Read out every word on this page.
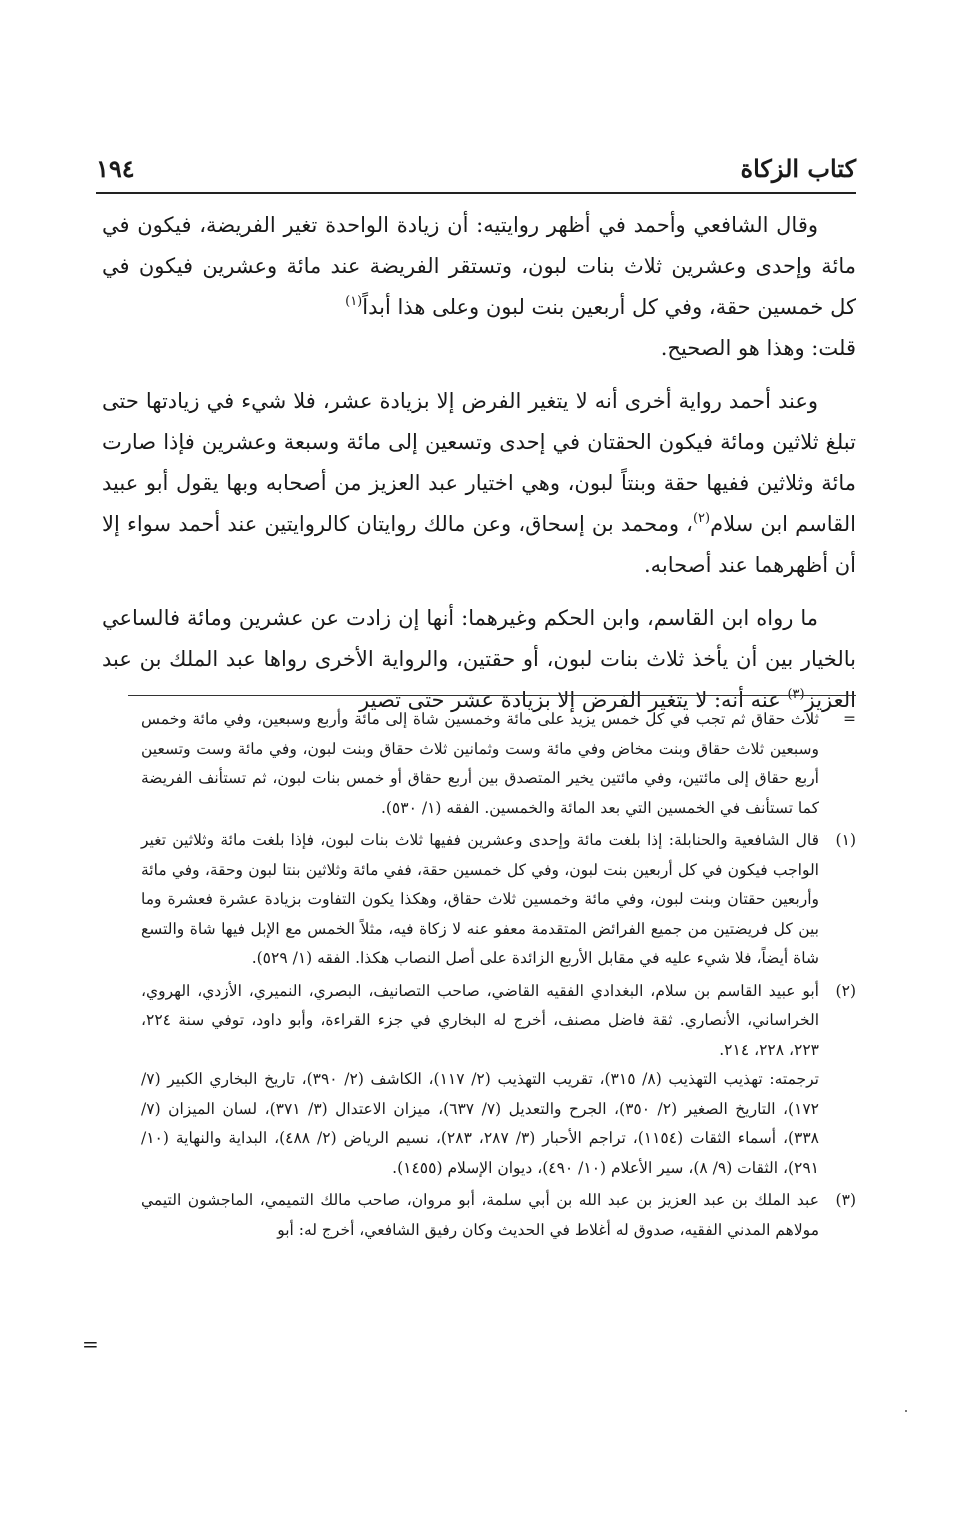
كتاب الزكاة
١٩٤

وقال الشافعي وأحمد في أظهر روايتيه: أن زيادة الواحدة تغير الفريضة، فيكون في مائة وإحدى وعشرين ثلاث بنات لبون، وتستقر الفريضة عند مائة وعشرين فيكون في كل خمسين حقة، وفي كل أربعين بنت لبون وعلى هذا أبداً$^{(١)}$
قلت: وهذا هو الصحيح.

وعند أحمد رواية أخرى أنه لا يتغير الفرض إلا بزيادة عشر، فلا شيء في زيادتها حتى تبلغ ثلاثين ومائة فيكون الحقتان في إحدى وتسعين إلى مائة وسبعة وعشرين فإذا صارت مائة وثلاثين ففيها حقة وبنتاً لبون، وهي اختيار عبد العزيز من أصحابه وبها يقول أبو عبيد القاسم ابن سلام$^{(٢)}$، ومحمد بن إسحاق، وعن مالك روايتان كالروايتين عند أحمد سواء إلا أن أظهرهما عند أصحابه.

ما رواه ابن القاسم، وابن الحكم وغيرهما: أنها إن زادت عن عشرين ومائة فالساعي بالخيار بين أن يأخذ ثلاث بنات لبون، أو حقتين، والرواية الأخرى رواها عبد الملك بن عبد العزيز$^{(٣)}$ عنه أنه: لا يتغير الفرض إلا بزيادة عشر حتى تصير

=

ثلاث حقاق ثم تجب في كل خمس يزيد على مائة وخمسين شاة إلى مائة وأربع وسبعين، وفي مائة وخمس وسبعين ثلاث حقاق وبنت مخاض وفي مائة وست وثمانين ثلاث حقاق وبنت لبون، وفي مائة وست وتسعين أربع حقاق إلى مائتين، وفي مائتين يخير المتصدق بين أربع حقاق أو خمس بنات لبون، ثم تستأنف الفريضة كما تستأنف في الخمسين التي بعد المائة والخمسين. الفقه (١/ ٥٣٠).

(١)

قال الشافعية والحنابلة: إذا بلغت مائة وإحدى وعشرين ففيها ثلاث بنات لبون، فإذا بلغت مائة وثلاثين تغير الواجب فيكون في كل أربعين بنت لبون، وفي كل خمسين حقة، ففي مائة وثلاثين بنتا لبون وحقة، وفي مائة وأربعين حقتان وبنت لبون، وفي مائة وخمسين ثلاث حقاق، وهكذا يكون التفاوت بزيادة عشرة فعشرة وما بين كل فريضتين من جميع الفرائض المتقدمة معفو عنه لا زكاة فيه، مثلاً الخمس مع الإبل فيها شاة والتسع شاة أيضاً، فلا شيء عليه في مقابل الأربع الزائدة على أصل النصاب هكذا. الفقه (١/ ٥٢٩).

(٢)

أبو عبيد القاسم بن سلام، البغدادي الفقيه القاضي، صاحب التصانيف، البصري، النميري، الأزدي، الهروي، الخراساني، الأنصاري. ثقة فاضل مصنف، أخرج له البخاري في جزء القراءة، وأبو داود، توفي سنة ٢٢٤، ٢٢٣، ٢٢٨، ٢١٤.

ترجمته: تهذيب التهذيب (٨/ ٣١٥)، تقريب التهذيب (٢/ ١١٧)، الكاشف (٢/ ٣٩٠)، تاريخ البخاري الكبير (٧/ ١٧٢)، التاريخ الصغير (٢/ ٣٥٠)، الجرح والتعديل (٧/ ٦٣٧)، ميزان الاعتدال (٣/ ٣٧١)، لسان الميزان (٧/ ٣٣٨)، أسماء الثقات (١١٥٤)، تراجم الأحبار (٣/ ٢٨٧، ٢٨٣)، نسيم الرياض (٢/ ٤٨٨)، البداية والنهاية (١٠/ ٢٩١)، الثقات (٩/ ٨)، سير الأعلام (١٠/ ٤٩٠)، ديوان الإسلام (١٤٥٥).

(٣)

عبد الملك بن عبد العزيز بن عبد الله بن أبي سلمة، أبو مروان، صاحب مالك التميمي، الماجشون التيمي مولاهم المدني الفقيه، صدوق له أغلاط في الحديث وكان رفيق الشافعي، أخرج له: أبو

=
